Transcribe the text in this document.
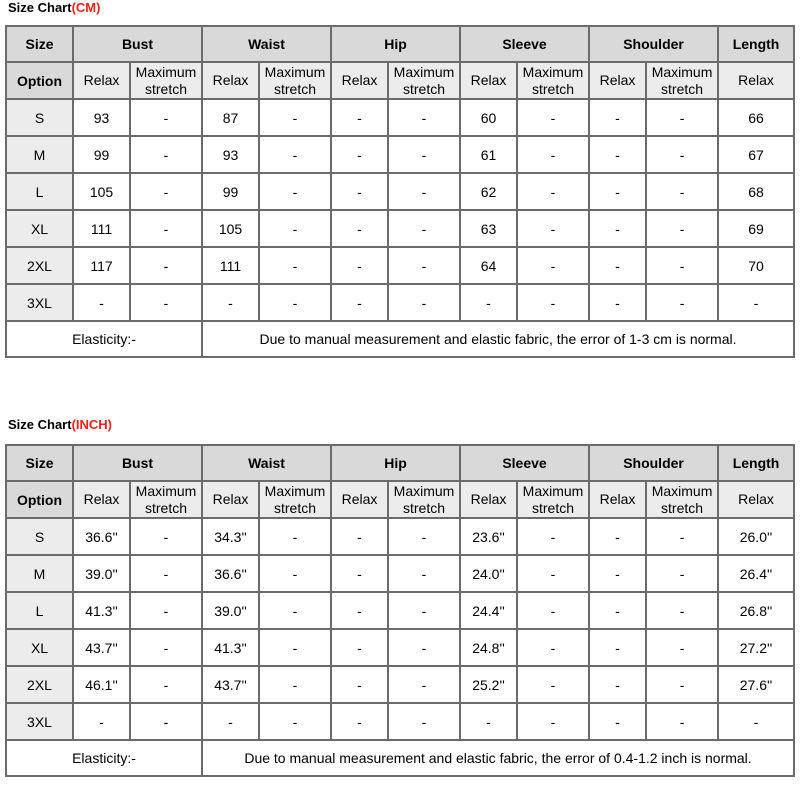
Size Chart(CM)
Size	Bust		Waist		Hip		Sleeve		Shoulder		Length
Option	Relax	Maximum stretch	Relax	Maximum stretch	Relax	Maximum stretch	Relax	Maximum stretch	Relax	Maximum stretch	Relax
S	93	-	87	-	-	-	60	-	-	-	66
M	99	-	93	-	-	-	61	-	-	-	67
L	105	-	99	-	-	-	62	-	-	-	68
XL	111	-	105	-	-	-	63	-	-	-	69
2XL	117	-	111	-	-	-	64	-	-	-	70
3XL	-	-	-	-	-	-	-	-	-	-	-
Elasticity:-			Due to manual measurement and elastic fabric, the error of 1-3 cm is normal.								
Size Chart(INCH)
Size	Bust		Waist		Hip		Sleeve		Shoulder		Length
Option	Relax	Maximum stretch	Relax	Maximum stretch	Relax	Maximum stretch	Relax	Maximum stretch	Relax	Maximum stretch	Relax
S	36.6''	-	34.3''	-	-	-	23.6''	-	-	-	26.0''
M	39.0''	-	36.6''	-	-	-	24.0''	-	-	-	26.4''
L	41.3''	-	39.0''	-	-	-	24.4''	-	-	-	26.8''
XL	43.7''	-	41.3''	-	-	-	24.8''	-	-	-	27.2''
2XL	46.1''	-	43.7''	-	-	-	25.2''	-	-	-	27.6''
3XL	-	-	-	-	-	-	-	-	-	-	-
Elasticity:-			Due to manual measurement and elastic fabric, the error of 0.4-1.2 inch is normal.								
